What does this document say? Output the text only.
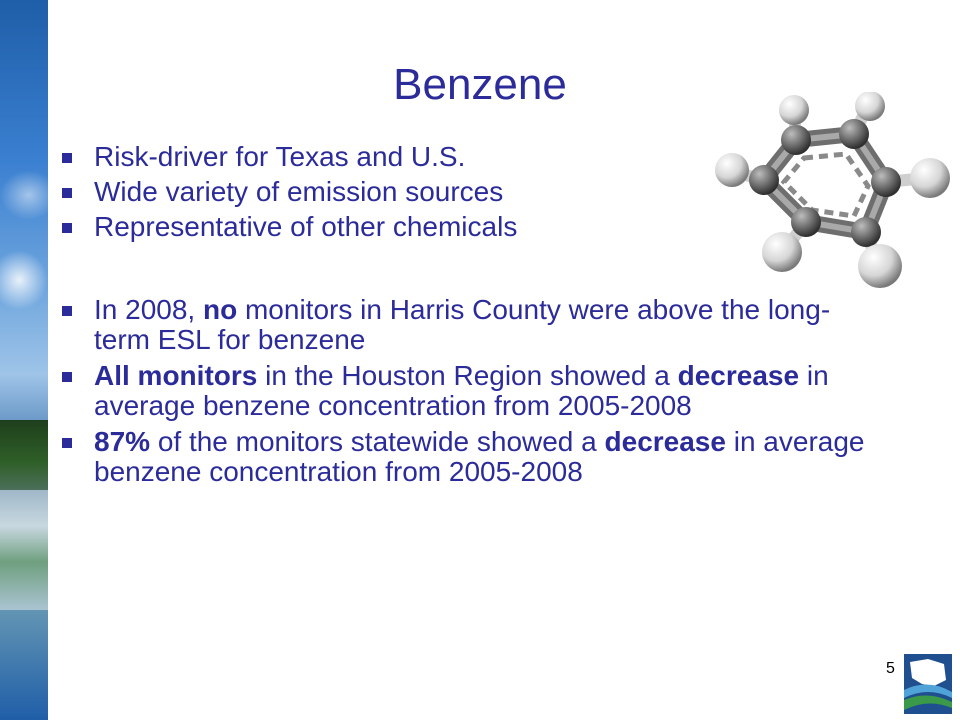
Benzene
Risk-driver for Texas and U.S.
Wide variety of emission sources
Representative of other chemicals
In 2008, no monitors in Harris County were above the long-term ESL for benzene
All monitors in the Houston Region showed a decrease in average benzene concentration from 2005-2008
87% of the monitors statewide showed a decrease in average benzene concentration from 2005-2008

5
